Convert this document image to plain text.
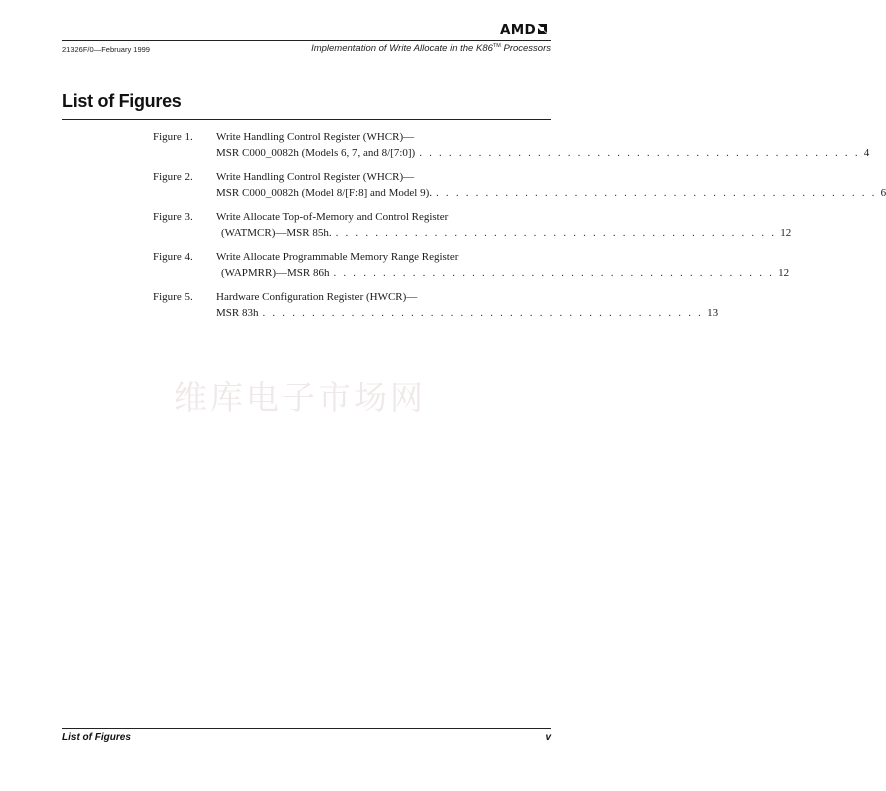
AMD
21326F/0—February 1999	Implementation of Write Allocate in the K86™ Processors
List of Figures
Figure 1. Write Handling Control Register (WHCR)—
MSR C000_0082h (Models 6, 7, and 8/[7:0]) . . . . . . . . . . . . . . . . . . . . . . . . . . . . . . . . . . . . . . . . . . . . . 4
Figure 2. Write Handling Control Register (WHCR)—
MSR C000_0082h (Model 8/[F:8] and Model 9). . . . . . . . . . . . . . . . . . . . . . . . . . . . . . . . . . . . . . . . . . . . . . 6
Figure 3. Write Allocate Top-of-Memory and Control Register
(WATMCR)—MSR 85h. . . . . . . . . . . . . . . . . . . . . . . . . . . . . . . . . . . . . . . . . . . . . . 12
Figure 4. Write Allocate Programmable Memory Range Register
(WAPMRR)—MSR 86h . . . . . . . . . . . . . . . . . . . . . . . . . . . . . . . . . . . . . . . . . . . . . 12
Figure 5. Hardware Configuration Register (HWCR)—
MSR 83h . . . . . . . . . . . . . . . . . . . . . . . . . . . . . . . . . . . . . . . . . . . . . 13
维库电子市场网
List of Figures	v
